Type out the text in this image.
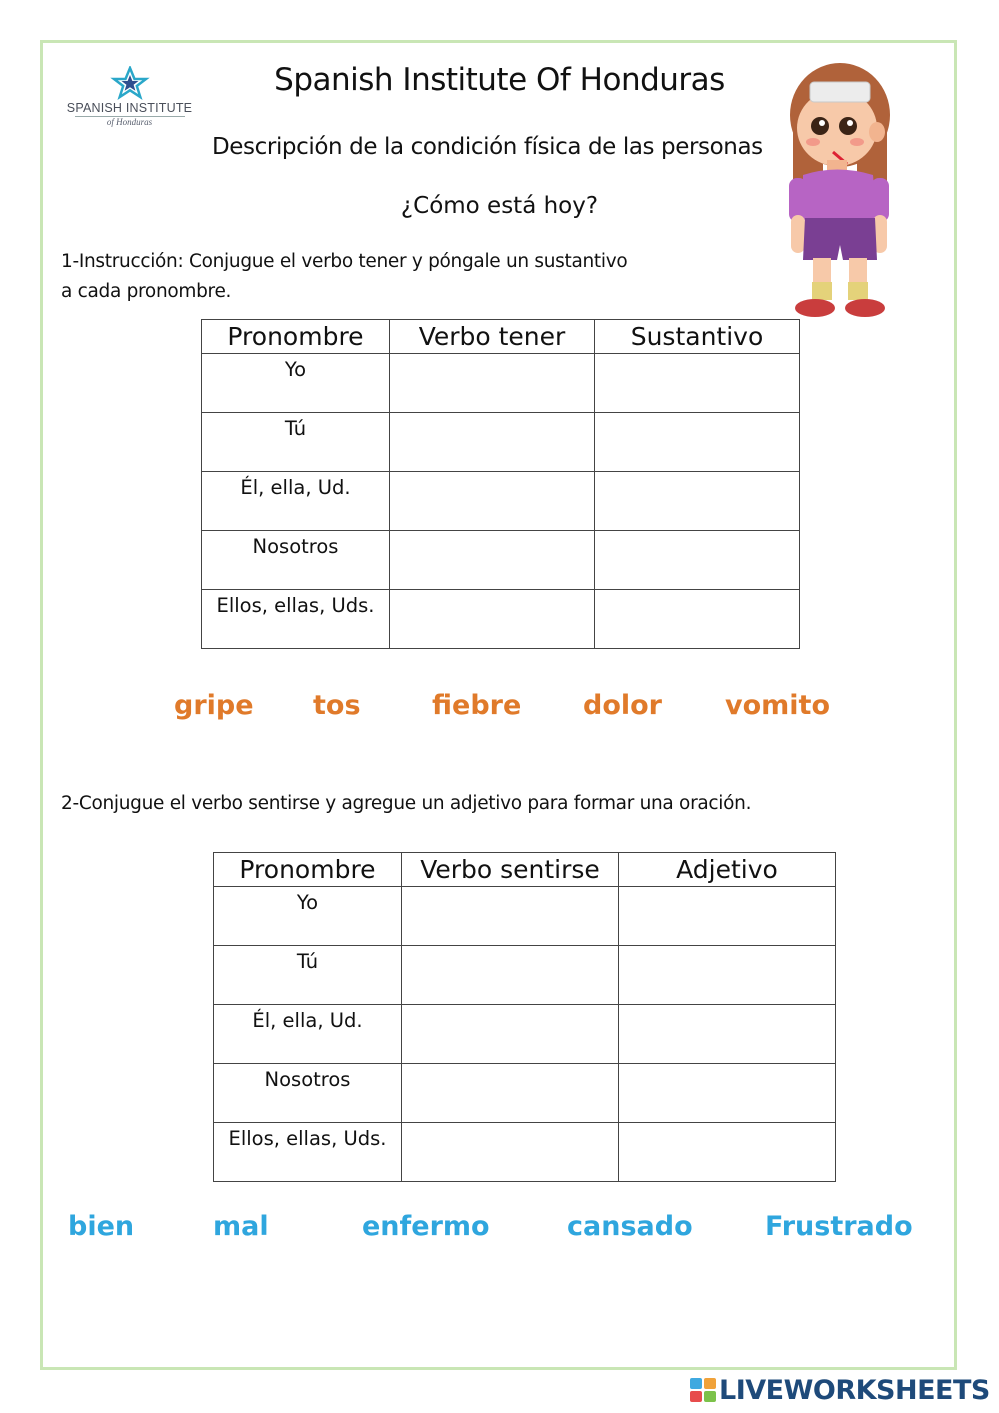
SPANISH INSTITUTE
of Honduras
Spanish Institute Of Honduras
Descripción de la condición física de las personas
¿Cómo está hoy?
1-Instrucción: Conjugue el verbo tener y póngale un sustantivo
a cada pronombre.
Pronombre	Verbo tener	Sustantivo
Yo		
Tú		
Él, ella, Ud.		
Nosotros		
Ellos, ellas, Uds.		
gripe tos	fiebre dolor vomito
2-Conjugue el verbo sentirse y agregue un adjetivo para formar una oración.
Pronombre	Verbo sentirse	Adjetivo
Yo		
Tú		
Él, ella, Ud.		
Nosotros		
Ellos, ellas, Uds.		
bien	mal	enfermo	cansado	Frustrado
LIVEWORKSHEETS
